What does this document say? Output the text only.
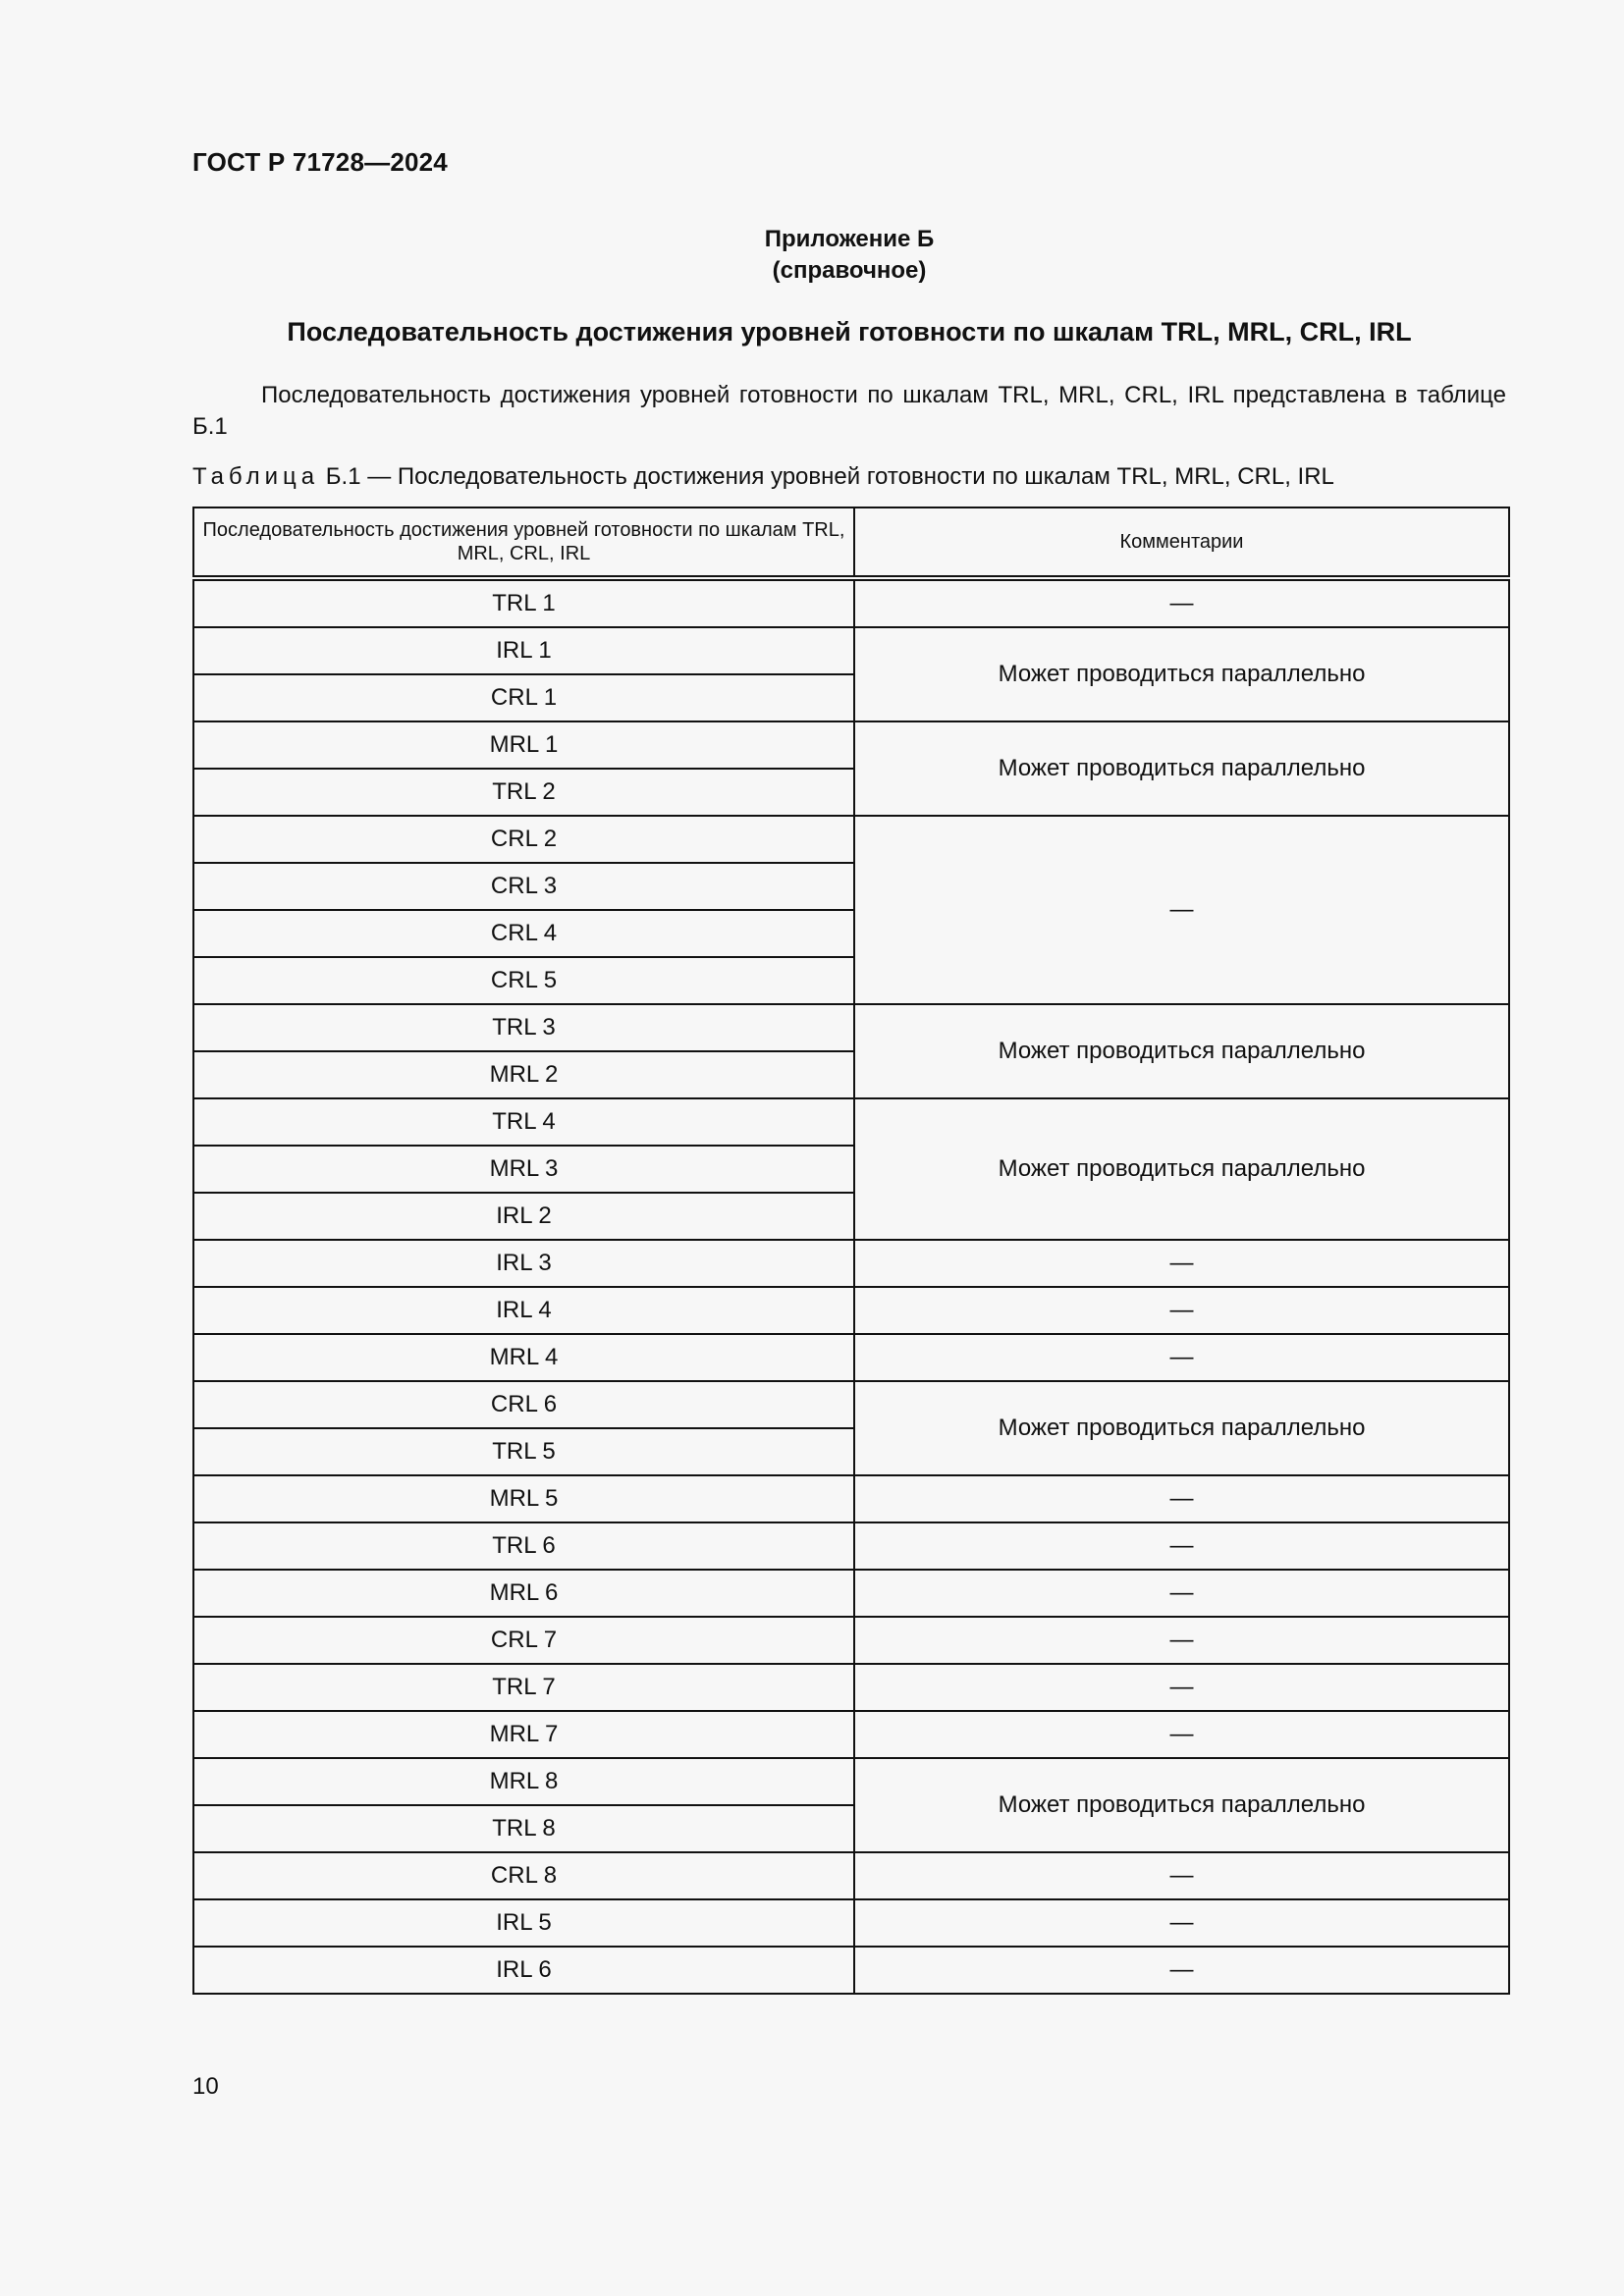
ГОСТ Р 71728—2024
Приложение Б
(справочное)
Последовательность достижения уровней готовности по шкалам TRL, MRL, CRL, IRL
Последовательность достижения уровней готовности по шкалам TRL, MRL, CRL, IRL представлена в таблице Б.1
Таблица Б.1 — Последовательность достижения уровней готовности по шкалам TRL, MRL, CRL, IRL
Последовательность достижения уровней готовности по шкалам TRL, MRL, CRL, IRL	Комментарии
TRL 1	—
IRL 1	Может проводиться параллельно
CRL 1	
MRL 1	Может проводиться параллельно
TRL 2	
CRL 2	—
CRL 3	
CRL 4	
CRL 5	
TRL 3	Может проводиться параллельно
MRL 2	
TRL 4	Может проводиться параллельно
MRL 3	
IRL 2	
IRL 3	—
IRL 4	—
MRL 4	—
CRL 6	Может проводиться параллельно
TRL 5	
MRL 5	—
TRL 6	—
MRL 6	—
CRL 7	—
TRL 7	—
MRL 7	—
MRL 8	Может проводиться параллельно
TRL 8	
CRL 8	—
IRL 5	—
IRL 6	—
10
